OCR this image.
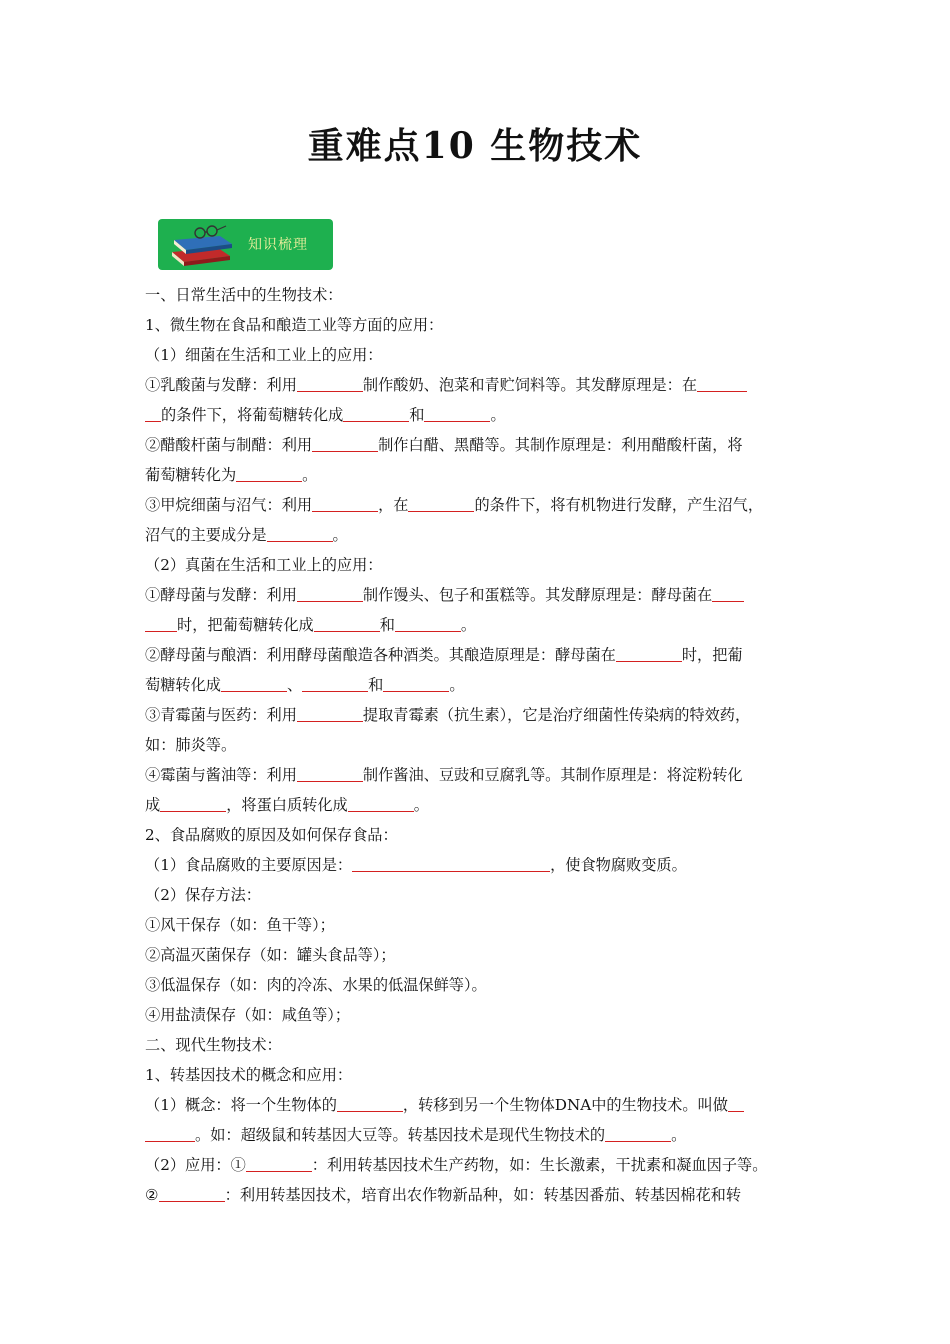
重难点10 生物技术
知识梳理

一、日常生活中的生物技术：

1、微生物在食品和酿造工业等方面的应用：

（1）细菌在生活和工业上的应用：

①乳酸菌与发酵：利用	制作酸奶、泡菜和青贮饲料等。其发酵原理是：在

的条件下，将葡萄糖转化成	和	。

②醋酸杆菌与制醋：利用	制作白醋、黑醋等。其制作原理是：利用醋酸杆菌，将

葡萄糖转化为	。

③甲烷细菌与沼气：利用	，在	的条件下，将有机物进行发酵，产生沼气，

沼气的主要成分是	。

（2）真菌在生活和工业上的应用：

①酵母菌与发酵：利用	制作馒头、包子和蛋糕等。其发酵原理是：酵母菌在

时，把葡萄糖转化成	和	。

②酵母菌与酿酒：利用酵母菌酿造各种酒类。其酿造原理是：酵母菌在	时，把葡

萄糖转化成	、	和	。

③青霉菌与医药：利用	提取青霉素（抗生素），它是治疗细菌性传染病的特效药，

如：肺炎等。

④霉菌与酱油等：利用	制作酱油、豆豉和豆腐乳等。其制作原理是：将淀粉转化

成	，将蛋白质转化成	。

2、食品腐败的原因及如何保存食品：

（1）食品腐败的主要原因是：	，使食物腐败变质。

（2）保存方法：

①风干保存（如：鱼干等）；

②高温灭菌保存（如：罐头食品等）；

③低温保存（如：肉的冷冻、水果的低温保鲜等）。

④用盐渍保存（如：咸鱼等）；

二、现代生物技术：

1、转基因技术的概念和应用：

（1）概念：将一个生物体的	，转移到另一个生物体DNA中的生物技术。叫做

。如：超级鼠和转基因大豆等。转基因技术是现代生物技术的	。

（2）应用：①	：利用转基因技术生产药物，如：生长激素，干扰素和凝血因子等。

②	：利用转基因技术，培育出农作物新品种，如：转基因番茄、转基因棉花和转
